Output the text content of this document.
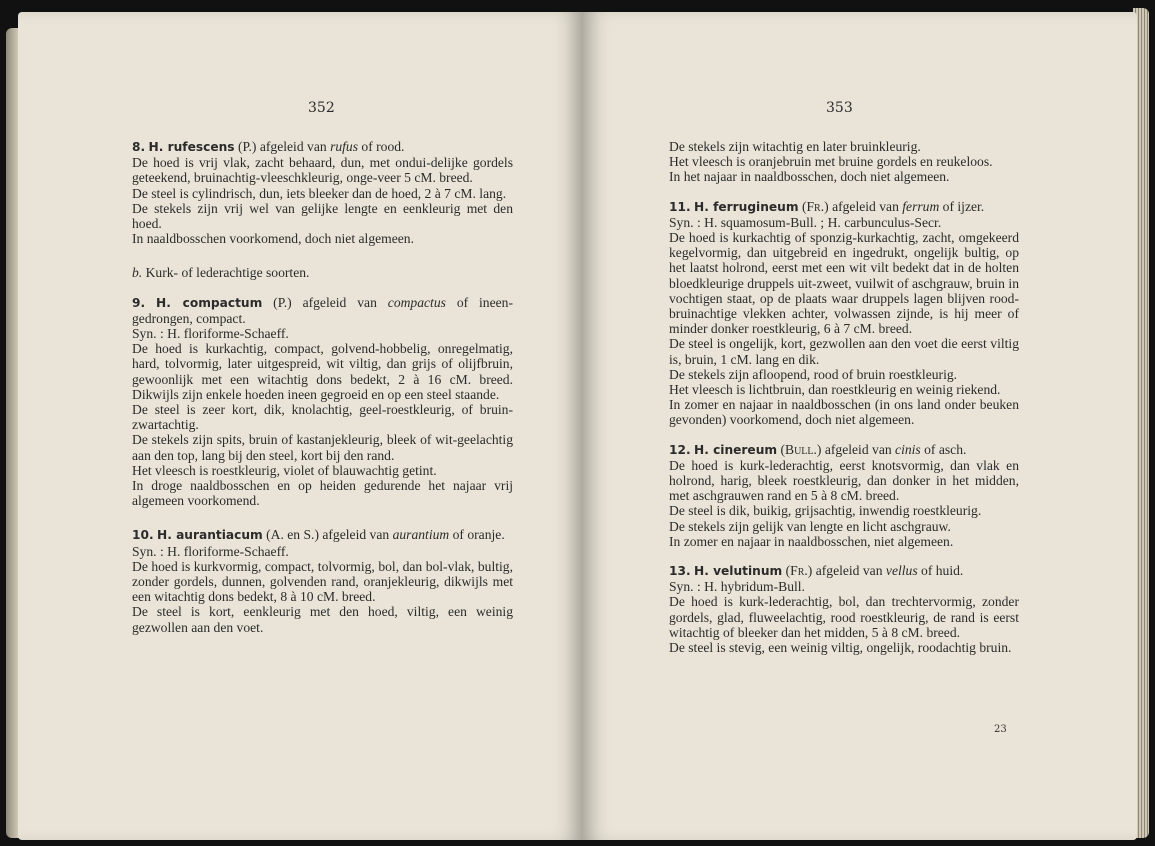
352

8. H. rufescens (P.) afgeleid van rufus of rood.

De hoed is vrij vlak, zacht behaard, dun, met ondui-delijke gordels geteekend, bruinachtig-vleeschkleurig, onge-veer 5 cM. breed.

De steel is cylindrisch, dun, iets bleeker dan de hoed, 2 à 7 cM. lang.

De stekels zijn vrij wel van gelijke lengte en eenkleurig met den hoed.

In naaldbosschen voorkomend, doch niet algemeen.

b. Kurk- of lederachtige soorten.

9. H. compactum (P.) afgeleid van compactus of ineen-gedrongen, compact.

Syn. : H. floriforme-Schaeff.

De hoed is kurkachtig, compact, golvend-hobbelig, onregelmatig, hard, tolvormig, later uitgespreid, wit viltig, dan grijs of olijfbruin, gewoonlijk met een witachtig dons bedekt, 2 à 16 cM. breed. Dikwijls zijn enkele hoeden ineen gegroeid en op een steel staande.

De steel is zeer kort, dik, knolachtig, geel-roestkleurig, of bruin-zwartachtig.

De stekels zijn spits, bruin of kastanjekleurig, bleek of wit-geelachtig aan den top, lang bij den steel, kort bij den rand.

Het vleesch is roestkleurig, violet of blauwachtig getint.

In droge naaldbosschen en op heiden gedurende het najaar vrij algemeen voorkomend.

10. H. aurantiacum (A. en S.) afgeleid van aurantium of oranje.

Syn. : H. floriforme-Schaeff.

De hoed is kurkvormig, compact, tolvormig, bol, dan bol-vlak, bultig, zonder gordels, dunnen, golvenden rand, oranjekleurig, dikwijls met een witachtig dons bedekt, 8 à 10 cM. breed.

De steel is kort, eenkleurig met den hoed, viltig, een weinig gezwollen aan den voet.

353

De stekels zijn witachtig en later bruinkleurig.

Het vleesch is oranjebruin met bruine gordels en reukeloos.

In het najaar in naaldbosschen, doch niet algemeen.

11. H. ferrugineum (Fr.) afgeleid van ferrum of ijzer.

Syn. : H. squamosum-Bull. ; H. carbunculus-Secr.

De hoed is kurkachtig of sponzig-kurkachtig, zacht, omgekeerd kegelvormig, dan uitgebreid en ingedrukt, ongelijk bultig, op het laatst holrond, eerst met een wit vilt bedekt dat in de holten bloedkleurige druppels uit-zweet, vuilwit of aschgrauw, bruin in vochtigen staat, op de plaats waar druppels lagen blijven rood-bruinachtige vlekken achter, volwassen zijnde, is hij meer of minder donker roestkleurig, 6 à 7 cM. breed.

De steel is ongelijk, kort, gezwollen aan den voet die eerst viltig is, bruin, 1 cM. lang en dik.

De stekels zijn afloopend, rood of bruin roestkleurig.

Het vleesch is lichtbruin, dan roestkleurig en weinig riekend.

In zomer en najaar in naaldbosschen (in ons land onder beuken gevonden) voorkomend, doch niet algemeen.

12. H. cinereum (Bull.) afgeleid van cinis of asch.

De hoed is kurk-lederachtig, eerst knotsvormig, dan vlak en holrond, harig, bleek roestkleurig, dan donker in het midden, met aschgrauwen rand en 5 à 8 cM. breed.

De steel is dik, buikig, grijsachtig, inwendig roestkleurig.

De stekels zijn gelijk van lengte en licht aschgrauw.

In zomer en najaar in naaldbosschen, niet algemeen.

13. H. velutinum (Fr.) afgeleid van vellus of huid.

Syn. : H. hybridum-Bull.

De hoed is kurk-lederachtig, bol, dan trechtervormig, zonder gordels, glad, fluweelachtig, rood roestkleurig, de rand is eerst witachtig of bleeker dan het midden, 5 à 8 cM. breed.

De steel is stevig, een weinig viltig, ongelijk, roodachtig bruin.

23
